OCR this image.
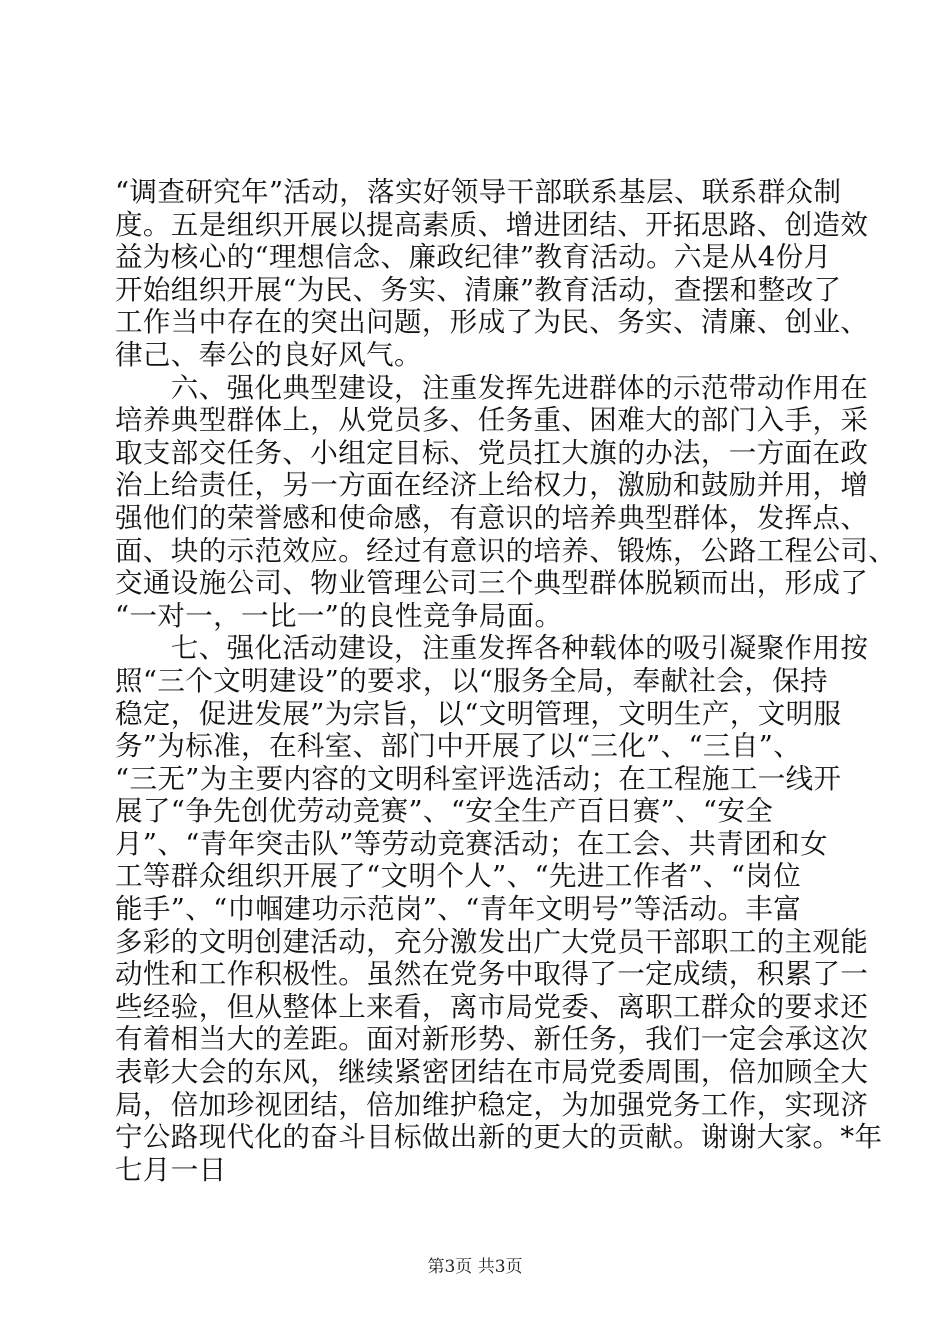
“调查研究年”活动，落实好领导干部联系基层、联系群众制
度。五是组织开展以提高素质、增进团结、开拓思路、创造效
益为核心的“理想信念、廉政纪律”教育活动。六是从4份月
开始组织开展“为民、务实、清廉”教育活动，查摆和整改了
工作当中存在的突出问题，形成了为民、务实、清廉、创业、
律己、奉公的良好风气。
　　六、强化典型建设，注重发挥先进群体的示范带动作用在
培养典型群体上，从党员多、任务重、困难大的部门入手，采
取支部交任务、小组定目标、党员扛大旗的办法，一方面在政
治上给责任，另一方面在经济上给权力，激励和鼓励并用，增
强他们的荣誉感和使命感，有意识的培养典型群体，发挥点、
面、块的示范效应。经过有意识的培养、锻炼，公路工程公司、
交通设施公司、物业管理公司三个典型群体脱颖而出，形成了
“一对一，一比一”的良性竞争局面。
　　七、强化活动建设，注重发挥各种载体的吸引凝聚作用按
照“三个文明建设”的要求，以“服务全局，奉献社会，保持
稳定，促进发展”为宗旨，以“文明管理，文明生产，文明服
务”为标准，在科室、部门中开展了以“三化”、“三自”、
“三无”为主要内容的文明科室评选活动；在工程施工一线开
展了“争先创优劳动竞赛”、“安全生产百日赛”、“安全
月”、“青年突击队”等劳动竞赛活动；在工会、共青团和女
工等群众组织开展了“文明个人”、“先进工作者”、“岗位
能手”、“巾帼建功示范岗”、“青年文明号”等活动。丰富
多彩的文明创建活动，充分激发出广大党员干部职工的主观能
动性和工作积极性。虽然在党务中取得了一定成绩，积累了一
些经验，但从整体上来看，离市局党委、离职工群众的要求还
有着相当大的差距。面对新形势、新任务，我们一定会承这次
表彰大会的东风，继续紧密团结在市局党委周围，倍加顾全大
局，倍加珍视团结，倍加维护稳定，为加强党务工作，实现济
宁公路现代化的奋斗目标做出新的更大的贡献。谢谢大家。*年
七月一日
第3页 共3页
